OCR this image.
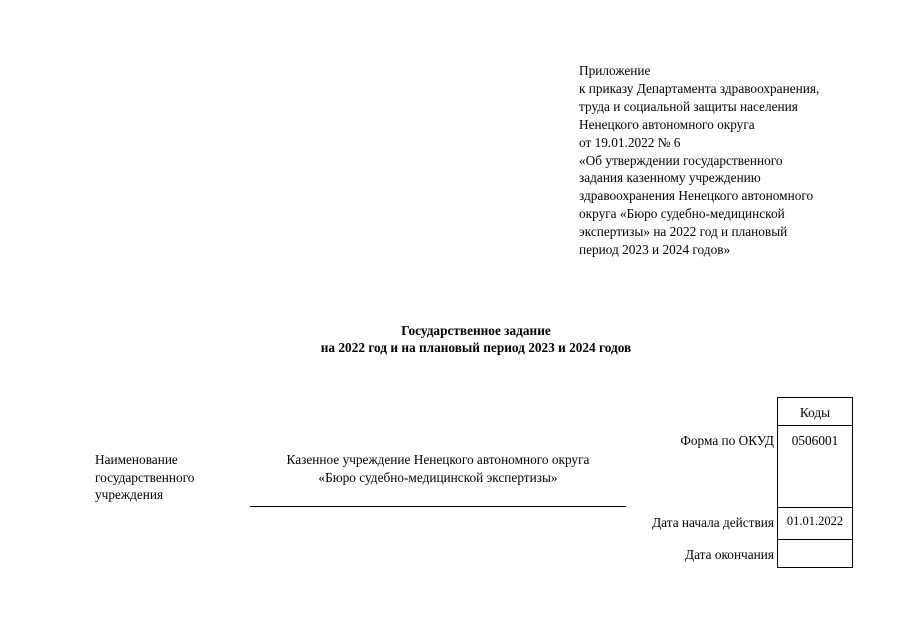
Приложение
к приказу Департамента здравоохранения,
труда и социальной защиты населения
Ненецкого автономного округа
от 19.01.2022 № 6
«Об утверждении государственного
задания казенному учреждению
здравоохранения Ненецкого автономного
округа «Бюро судебно-медицинской
экспертизы» на 2022 год и плановый
период 2023 и 2024 годов»
Государственное задание
на 2022 год и на плановый период 2023 и 2024 годов
Наименование
государственного
учреждения
Казенное учреждение Ненецкого автономного округа
«Бюро судебно-медицинской экспертизы»
Форма по ОКУД
Дата начала действия
Дата окончания
Коды
0506001
01.01.2022
